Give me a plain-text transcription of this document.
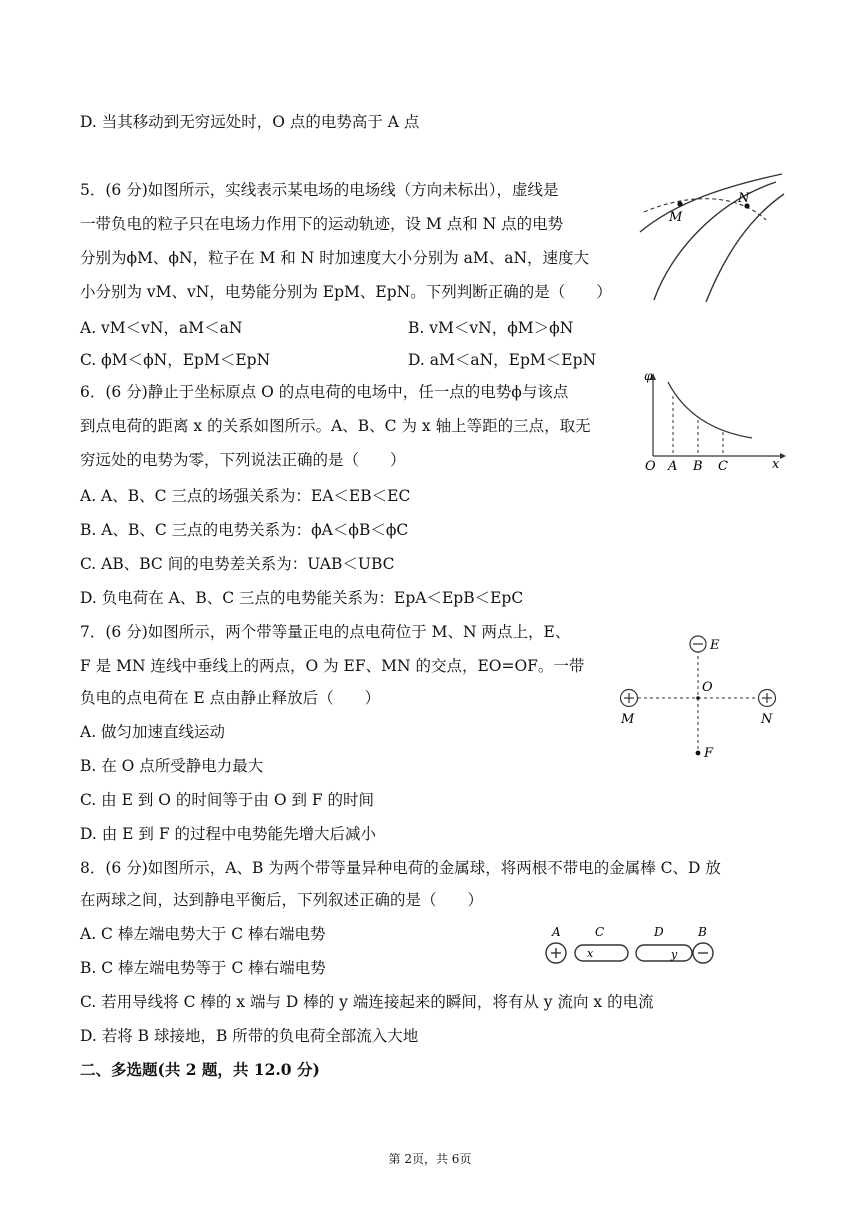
D. 当其移动到无穷远处时，O 点的电势高于 A 点
5．(6 分)如图所示，实线表示某电场的电场线（方向未标出），虚线是
一带负电的粒子只在电场力作用下的运动轨迹，设 M 点和 N 点的电势
分别为ϕM、ϕN，粒子在 M 和 N 时加速度大小分别为 aM、aN，速度大
小分别为 vM、vN，电势能分别为 EpM、EpN。下列判断正确的是（　　）
A. vM＜vN，aM＜aN	B. vM＜vN，ϕM＞ϕN
C. ϕM＜ϕN，EpM＜EpN	D. aM＜aN，EpM＜EpN
M
N
6．(6 分)静止于坐标原点 O 的点电荷的电场中，任一点的电势ϕ与该点
到点电荷的距离 x 的关系如图所示。A、B、C 为 x 轴上等距的三点，取无
穷远处的电势为零，下列说法正确的是（　　）
A. A、B、C 三点的场强关系为：EA＜EB＜EC
B. A、B、C 三点的电势关系为：ϕA＜ϕB＜ϕC
C. AB、BC 间的电势差关系为：UAB＜UBC
D. 负电荷在 A、B、C 三点的电势能关系为：EpA＜EpB＜EpC
φ
O A B C	x
7．(6 分)如图所示，两个带等量正电的点电荷位于 M、N 两点上，E、
F 是 MN 连线中垂线上的两点，O 为 EF、MN 的交点，EO=OF。一带
负电的点电荷在 E 点由静止释放后（　　）
A. 做匀加速直线运动
B. 在 O 点所受静电力最大
C. 由 E 到 O 的时间等于由 O 到 F 的时间
D. 由 E 到 F 的过程中电势能先增大后减小
E
O
M	N
F
8．(6 分)如图所示，A、B 为两个带等量异种电荷的金属球，将两根不带电的金属棒 C、D 放
在两球之间，达到静电平衡后，下列叙述正确的是（　　）
A. C 棒左端电势大于 C 棒右端电势
B. C 棒左端电势等于 C 棒右端电势
C. 若用导线将 C 棒的 x 端与 D 棒的 y 端连接起来的瞬间，将有从 y 流向 x 的电流
D. 若将 B 球接地，B 所带的负电荷全部流入大地
A	C	D	B
x	y
二、多选题(共 2 题，共 12.0 分)
第 2页，共 6页
